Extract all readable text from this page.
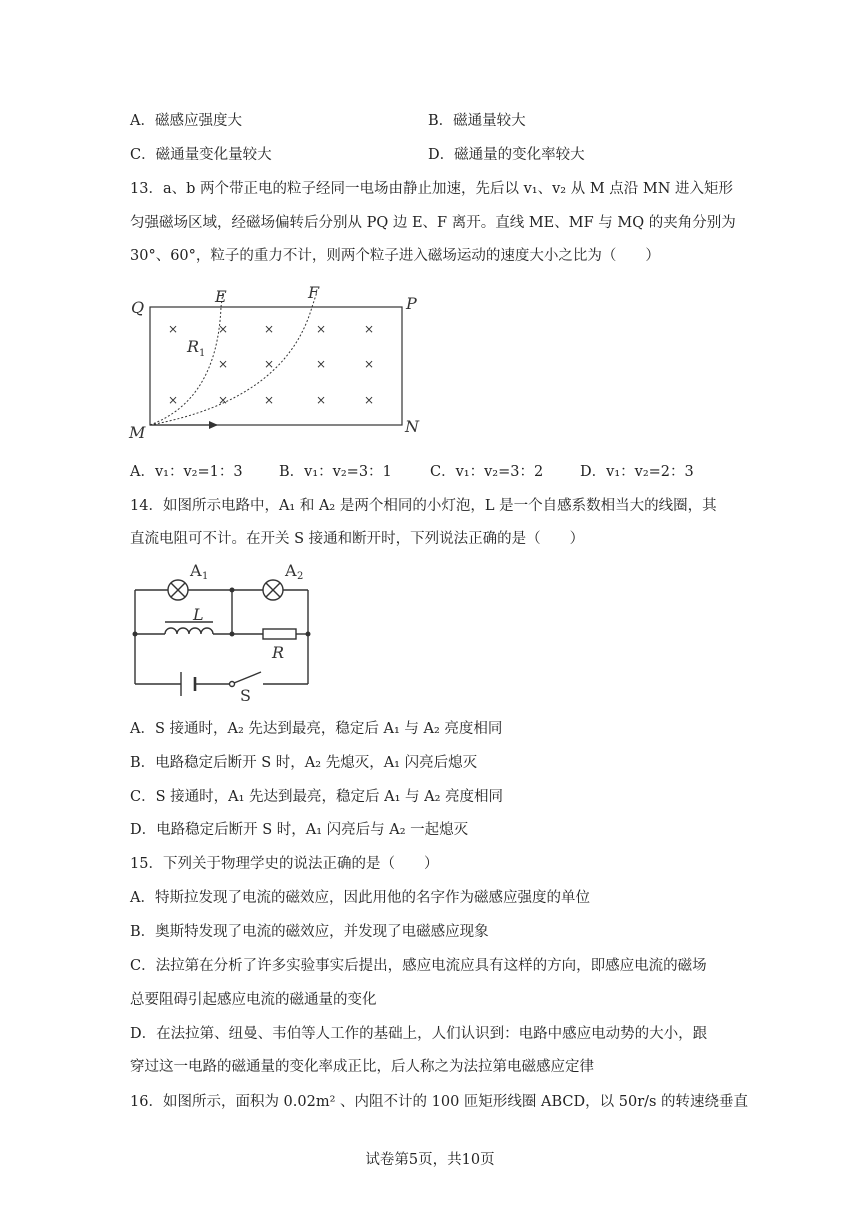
A．磁感应强度大	B．磁通量较大
C．磁通量变化量较大	D．磁通量的变化率较大
13．a、b 两个带正电的粒子经同一电场由静止加速，先后以 v₁、v₂ 从 M 点沿 MN 进入矩形
匀强磁场区域，经磁场偏转后分别从 PQ 边 E、F 离开。直线 ME、MF 与 MQ 的夹角分别为
30°、60°，粒子的重力不计，则两个粒子进入磁场运动的速度大小之比为（　　）
×	×	×	×	×
×	×	×	×
×	×	×	×	×
Q
E	F
P
M	N
R 1
A．v₁：v₂=1：3	B．v₁：v₂=3：1	C．v₁：v₂=3：2	D．v₁：v₂=2：3
14．如图所示电路中，A₁ 和 A₂ 是两个相同的小灯泡，L 是一个自感系数相当大的线圈，其
直流电阻可不计。在开关 S 接通和断开时，下列说法正确的是（　　）
A	A
L
R
S
1	2
A．S 接通时，A₂ 先达到最亮，稳定后 A₁ 与 A₂ 亮度相同
B．电路稳定后断开 S 时，A₂ 先熄灭，A₁ 闪亮后熄灭
C．S 接通时，A₁ 先达到最亮，稳定后 A₁ 与 A₂ 亮度相同
D．电路稳定后断开 S 时，A₁ 闪亮后与 A₂ 一起熄灭
15．下列关于物理学史的说法正确的是（　　）
A．特斯拉发现了电流的磁效应，因此用他的名字作为磁感应强度的单位
B．奥斯特发现了电流的磁效应，并发现了电磁感应现象
C．法拉第在分析了许多实验事实后提出，感应电流应具有这样的方向，即感应电流的磁场
总要阻碍引起感应电流的磁通量的变化
D．在法拉第、纽曼、韦伯等人工作的基础上，人们认识到：电路中感应电动势的大小，跟
穿过这一电路的磁通量的变化率成正比，后人称之为法拉第电磁感应定律
16．如图所示，面积为 0.02m² 、内阻不计的 100 匝矩形线圈 ABCD，以 50r/s 的转速绕垂直
试卷第5页，共10页
